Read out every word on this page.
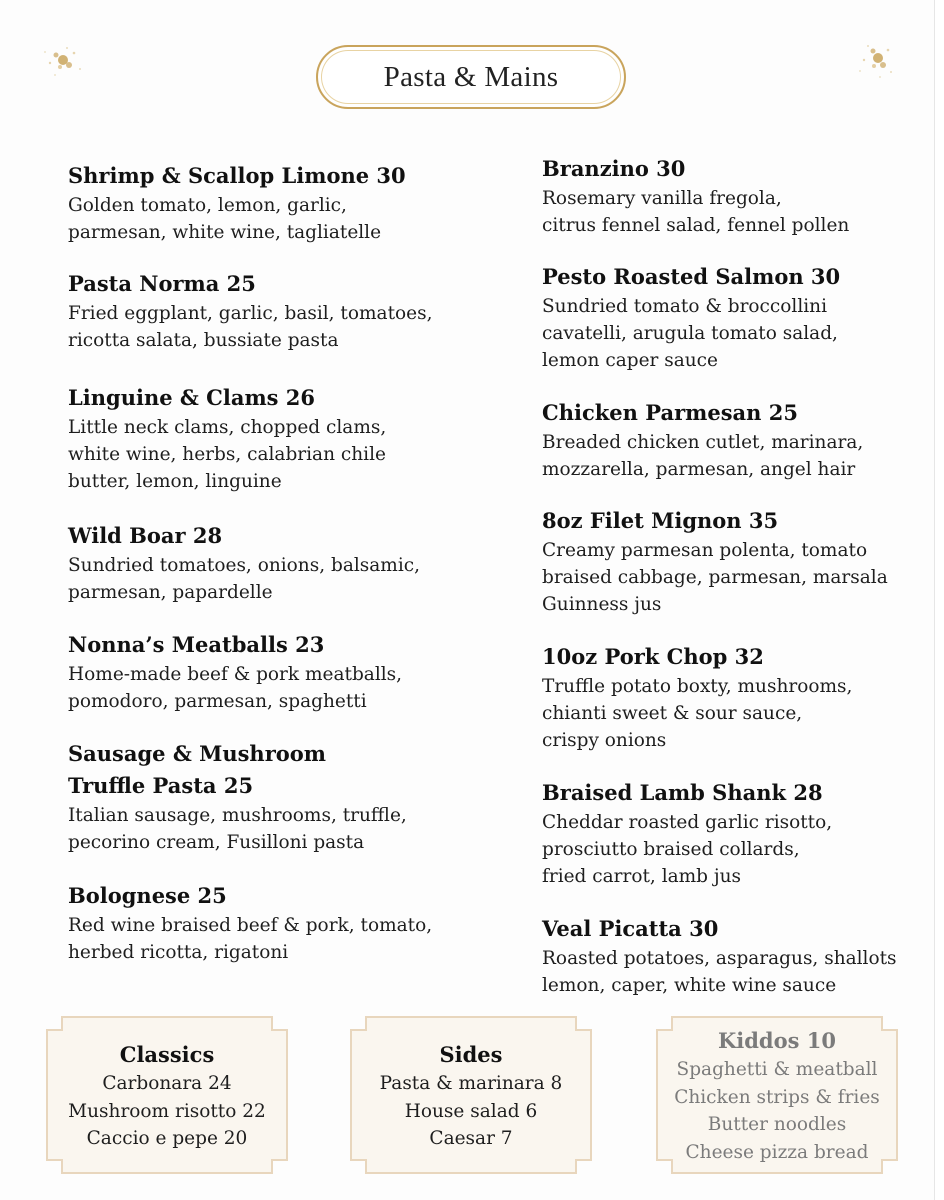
Pasta & Mains
Shrimp & Scallop Limone 30
Golden tomato, lemon, garlic,
parmesan, white wine, tagliatelle
Pasta Norma 25
Fried eggplant, garlic, basil, tomatoes,
ricotta salata, bussiate pasta
Linguine & Clams 26
Little neck clams, chopped clams,
white wine, herbs, calabrian chile
butter, lemon, linguine
Wild Boar 28
Sundried tomatoes, onions, balsamic,
parmesan, papardelle
Nonna’s Meatballs 23
Home-made beef & pork meatballs,
pomodoro, parmesan, spaghetti
Sausage & Mushroom
Truffle Pasta 25
Italian sausage, mushrooms, truffle,
pecorino cream, Fusilloni pasta
Bolognese 25
Red wine braised beef & pork, tomato,
herbed ricotta, rigatoni
Branzino 30
Rosemary vanilla fregola,
citrus fennel salad, fennel pollen
Pesto Roasted Salmon 30
Sundried tomato & broccollini
cavatelli, arugula tomato salad,
lemon caper sauce
Chicken Parmesan 25
Breaded chicken cutlet, marinara,
mozzarella, parmesan, angel hair
8oz Filet Mignon 35
Creamy parmesan polenta, tomato
braised cabbage, parmesan, marsala
Guinness jus
10oz Pork Chop 32
Truffle potato boxty, mushrooms,
chianti sweet & sour sauce,
crispy onions
Braised Lamb Shank 28
Cheddar roasted garlic risotto,
prosciutto braised collards,
fried carrot, lamb jus
Veal Picatta 30
Roasted potatoes, asparagus, shallots
lemon, caper, white wine sauce
Classics
Carbonara 24
Mushroom risotto 22
Caccio e pepe 20
Sides
Pasta & marinara 8
House salad 6
Caesar 7
Kiddos 10
Spaghetti & meatball
Chicken strips & fries
Butter noodles
Cheese pizza bread
